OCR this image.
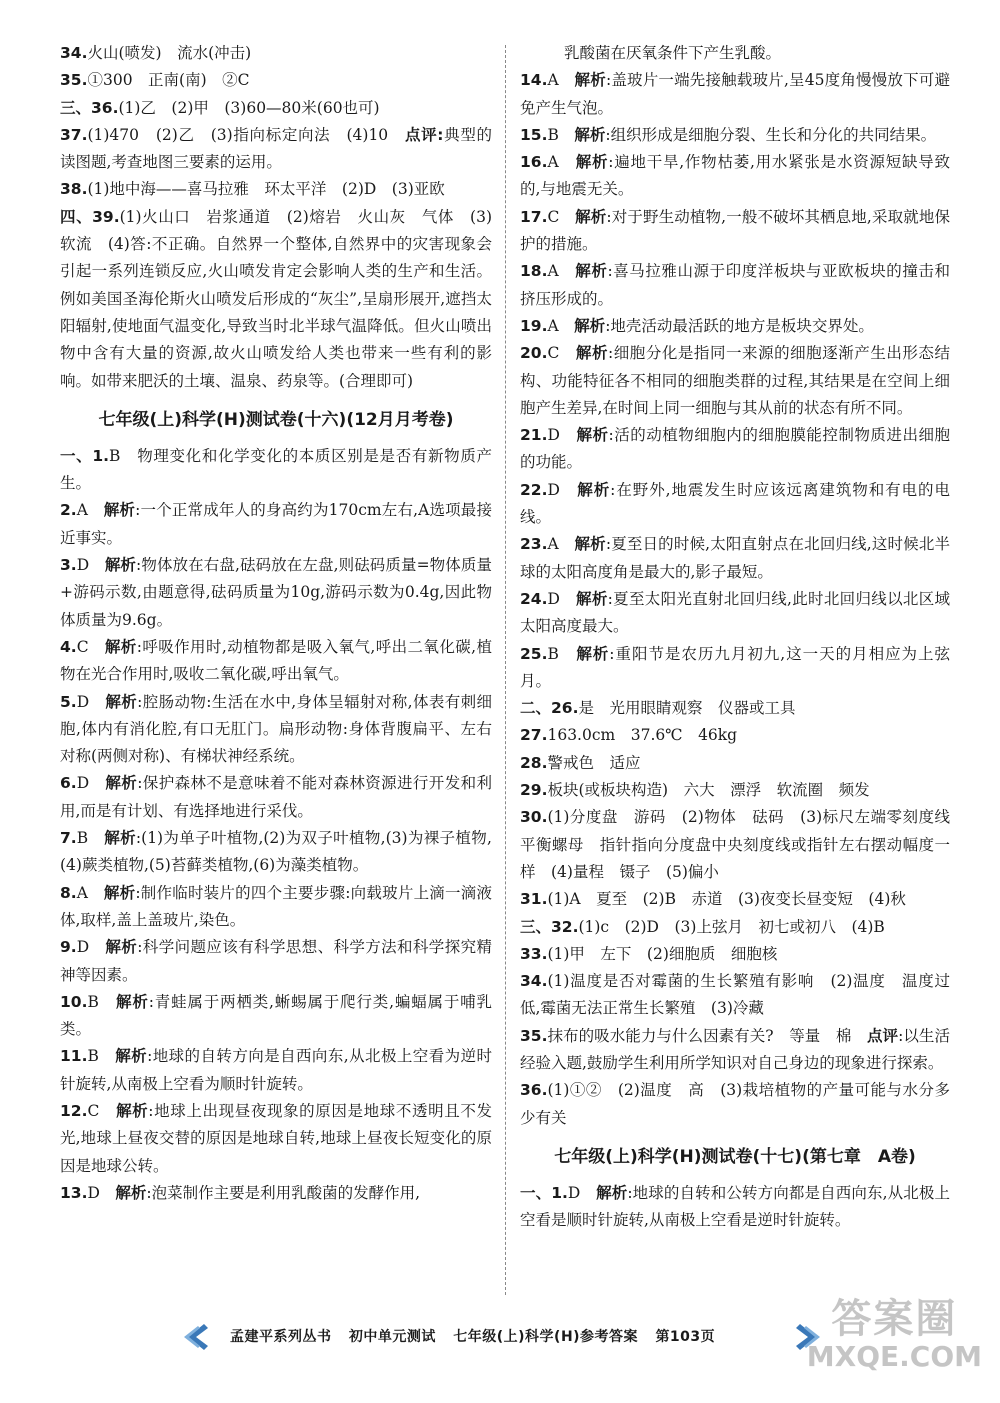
34.火山(喷发)　流水(冲击)
35.①300　正南(南)　②C
三、36.(1)乙　(2)甲　(3)60—80米(60也可)
37.(1)470　(2)乙　(3)指向标定向法　(4)10　点评:典型的读图题,考查地图三要素的运用。
38.(1)地中海——喜马拉雅　环太平洋　(2)D　(3)亚欧
四、39.(1)火山口　岩浆通道　(2)熔岩　火山灰　气体　(3)软流　(4)答:不正确。自然界一个整体,自然界中的灾害现象会引起一系列连锁反应,火山喷发肯定会影响人类的生产和生活。例如美国圣海伦斯火山喷发后形成的“灰尘”,呈扇形展开,遮挡太阳辐射,使地面气温变化,导致当时北半球气温降低。但火山喷出物中含有大量的资源,故火山喷发给人类也带来一些有利的影响。如带来肥沃的土壤、温泉、药泉等。(合理即可)
七年级(上)科学(H)测试卷(十六)(12月月考卷)
一、1.B　物理变化和化学变化的本质区别是是否有新物质产生。
2.A　解析:一个正常成年人的身高约为170cm左右,A选项最接近事实。
3.D　解析:物体放在右盘,砝码放在左盘,则砝码质量=物体质量+游码示数,由题意得,砝码质量为10g,游码示数为0.4g,因此物体质量为9.6g。
4.C　解析:呼吸作用时,动植物都是吸入氧气,呼出二氧化碳,植物在光合作用时,吸收二氧化碳,呼出氧气。
5.D　解析:腔肠动物:生活在水中,身体呈辐射对称,体表有刺细胞,体内有消化腔,有口无肛门。扁形动物:身体背腹扁平、左右对称(两侧对称)、有梯状神经系统。
6.D　解析:保护森林不是意味着不能对森林资源进行开发和利用,而是有计划、有选择地进行采伐。
7.B　解析:(1)为单子叶植物,(2)为双子叶植物,(3)为裸子植物,(4)蕨类植物,(5)苔藓类植物,(6)为藻类植物。
8.A　解析:制作临时装片的四个主要步骤:向载玻片上滴一滴液体,取样,盖上盖玻片,染色。
9.D　解析:科学问题应该有科学思想、科学方法和科学探究精神等因素。
10.B　解析:青蛙属于两栖类,蜥蜴属于爬行类,蝙蝠属于哺乳类。
11.B　解析:地球的自转方向是自西向东,从北极上空看为逆时针旋转,从南极上空看为顺时针旋转。
12.C　解析:地球上出现昼夜现象的原因是地球不透明且不发光,地球上昼夜交替的原因是地球自转,地球上昼夜长短变化的原因是地球公转。
13.D　解析:泡菜制作主要是利用乳酸菌的发酵作用,
乳酸菌在厌氧条件下产生乳酸。
14.A　解析:盖玻片一端先接触载玻片,呈45度角慢慢放下可避免产生气泡。
15.B　解析:组织形成是细胞分裂、生长和分化的共同结果。
16.A　解析:遍地干旱,作物枯萎,用水紧张是水资源短缺导致的,与地震无关。
17.C　解析:对于野生动植物,一般不破坏其栖息地,采取就地保护的措施。
18.A　解析:喜马拉雅山源于印度洋板块与亚欧板块的撞击和挤压形成的。
19.A　解析:地壳活动最活跃的地方是板块交界处。
20.C　解析:细胞分化是指同一来源的细胞逐渐产生出形态结构、功能特征各不相同的细胞类群的过程,其结果是在空间上细胞产生差异,在时间上同一细胞与其从前的状态有所不同。
21.D　解析:活的动植物细胞内的细胞膜能控制物质进出细胞的功能。
22.D　解析:在野外,地震发生时应该远离建筑物和有电的电线。
23.A　解析:夏至日的时候,太阳直射点在北回归线,这时候北半球的太阳高度角是最大的,影子最短。
24.D　解析:夏至太阳光直射北回归线,此时北回归线以北区域太阳高度最大。
25.B　解析:重阳节是农历九月初九,这一天的月相应为上弦月。
二、26.是　光用眼睛观察　仪器或工具
27.163.0cm　37.6℃　46kg
28.警戒色　适应
29.板块(或板块构造)　六大　漂浮　软流圈　频发
30.(1)分度盘　游码　(2)物体　砝码　(3)标尺左端零刻度线　平衡螺母　指针指向分度盘中央刻度线或指针左右摆动幅度一样　(4)量程　镊子　(5)偏小
31.(1)A　夏至　(2)B　赤道　(3)夜变长昼变短　(4)秋
三、32.(1)c　(2)D　(3)上弦月　初七或初八　(4)B
33.(1)甲　左下　(2)细胞质　细胞核
34.(1)温度是否对霉菌的生长繁殖有影响　(2)温度　温度过低,霉菌无法正常生长繁殖　(3)冷藏
35.抹布的吸水能力与什么因素有关?　等量　棉　点评:以生活经验入题,鼓励学生利用所学知识对自己身边的现象进行探索。
36.(1)①②　(2)温度　高　(3)栽培植物的产量可能与水分多少有关
七年级(上)科学(H)测试卷(十七)(第七章　A卷)
一、1.D　解析:地球的自转和公转方向都是自西向东,从北极上空看是顺时针旋转,从南极上空看是逆时针旋转。
孟建平系列丛书 初中单元测试 七年级(上)科学(H)参考答案 第103页	答案圈
MXQE.COM
